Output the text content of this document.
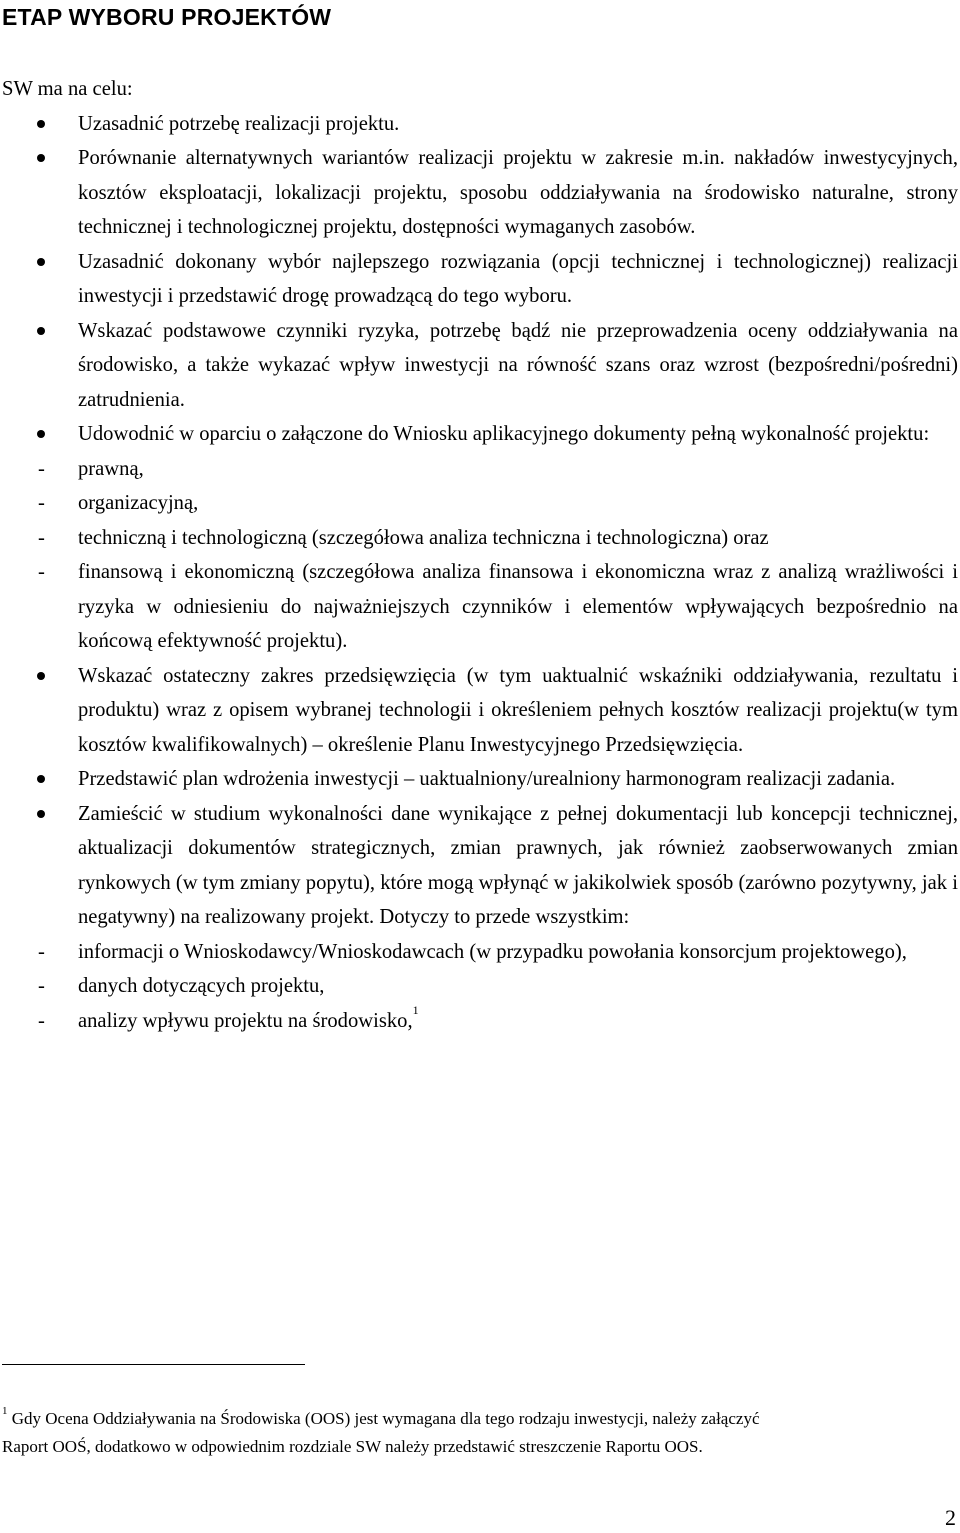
ETAP WYBORU PROJEKTÓW
SW ma na celu:
Uzasadnić potrzebę realizacji projektu.
Porównanie alternatywnych wariantów realizacji projektu w zakresie m.in. nakładów inwestycyjnych, kosztów eksploatacji, lokalizacji projektu, sposobu oddziaływania na środowisko naturalne, strony technicznej i technologicznej projektu, dostępności wymaganych zasobów.
Uzasadnić dokonany wybór najlepszego rozwiązania (opcji technicznej i technologicznej) realizacji inwestycji i przedstawić drogę prowadzącą do tego wyboru.
Wskazać podstawowe czynniki ryzyka, potrzebę bądź nie przeprowadzenia oceny oddziaływania na środowisko, a także wykazać wpływ inwestycji na równość szans oraz wzrost (bezpośredni/pośredni) zatrudnienia.
Udowodnić w oparciu o załączone do Wniosku aplikacyjnego dokumenty pełną wykonalność projektu:
- prawną,
- organizacyjną,
- techniczną i technologiczną (szczegółowa analiza techniczna i technologiczna) oraz
- finansową i ekonomiczną (szczegółowa analiza finansowa i ekonomiczna wraz z analizą wrażliwości i ryzyka w odniesieniu do najważniejszych czynników i elementów wpływających bezpośrednio na końcową efektywność projektu).
Wskazać ostateczny zakres przedsięwzięcia (w tym uaktualnić wskaźniki oddziaływania, rezultatu i produktu) wraz z opisem wybranej technologii i określeniem pełnych kosztów realizacji projektu(w tym kosztów kwalifikowalnych) – określenie Planu Inwestycyjnego Przedsięwzięcia.
Przedstawić plan wdrożenia inwestycji – uaktualniony/urealniony harmonogram realizacji zadania.
Zamieścić w studium wykonalności dane wynikające z pełnej dokumentacji lub koncepcji technicznej, aktualizacji dokumentów strategicznych, zmian prawnych, jak również zaobserwowanych zmian rynkowych (w tym zmiany popytu), które mogą wpłynąć w jakikolwiek sposób (zarówno pozytywny, jak i negatywny) na realizowany projekt. Dotyczy to przede wszystkim:
- informacji o Wnioskodawcy/Wnioskodawcach (w przypadku powołania konsorcjum projektowego),
- danych dotyczących projektu,
- analizy wpływu projektu na środowisko,$^1$
$^1$ Gdy Ocena Oddziaływania na Środowiska (OOS) jest wymagana dla tego rodzaju inwestycji, należy załączyć
Raport OOŚ, dodatkowo w odpowiednim rozdziale SW należy przedstawić streszczenie Raportu OOS.
2
